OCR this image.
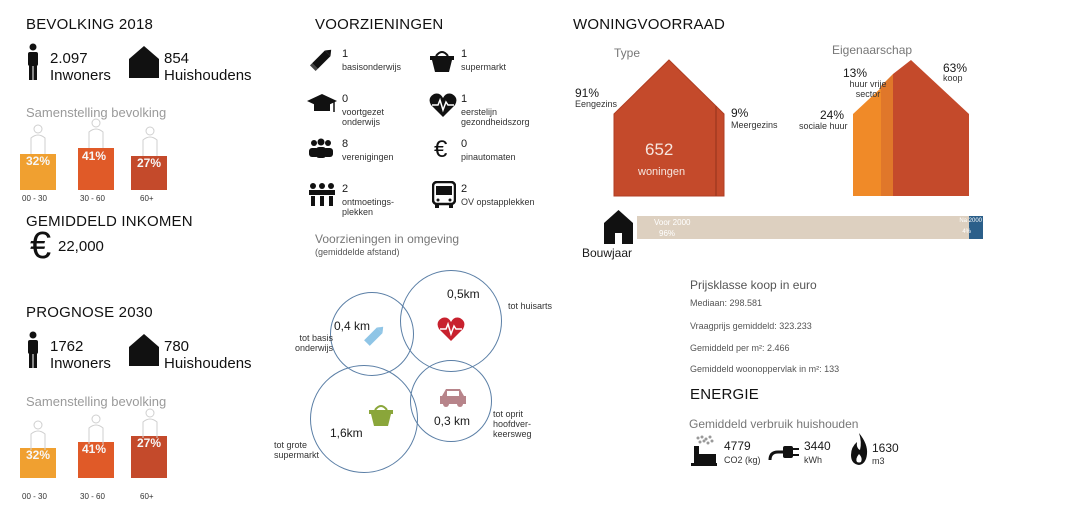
BEVOLKING 2018
2.097
Inwoners
854
Huishoudens
Samenstelling bevolking
32%	41%	27%
00 - 30	30 - 60	60+
GEMIDDELD INKOMEN
€ 22,000
PROGNOSE 2030
1762
Inwoners
780
Huishoudens
Samenstelling bevolking
32%	41%	27%
00 - 30	30 - 60	60+
VOORZIENINGEN
1
basisonderwijs
1
supermarkt
0
voortgezet onderwijs
1
eerstelijn gezondheidszorg
8
verenigingen	€ 0
pinautomaten
2
ontmoetings-plekken
2
OV opstapplekken
Voorzieningen in omgeving
(gemiddelde afstand)
0,4 km
tot basis onderwijs
0,5km
tot huisarts
1,6km
tot grote supermarkt
0,3 km	tot oprit hoofdver-keersweg
WONINGVOORRAAD
Type
652
woningen
91%
Eengezins
9%
Meergezins
Eigenaarschap
13%
huur vrije sector
63%
koop
24%
sociale huur
Bouwjaar
Voor 2000
96%
Na 2000
4%
Prijsklasse koop in euro
Mediaan: 298.581
Vraagprijs gemiddeld: 323.233
Gemiddeld per m²: 2.466
Gemiddeld woonoppervlak in m²: 133
ENERGIE
Gemiddeld verbruik huishouden
4779
CO2 (kg)
3440
kWh
1630
m3
